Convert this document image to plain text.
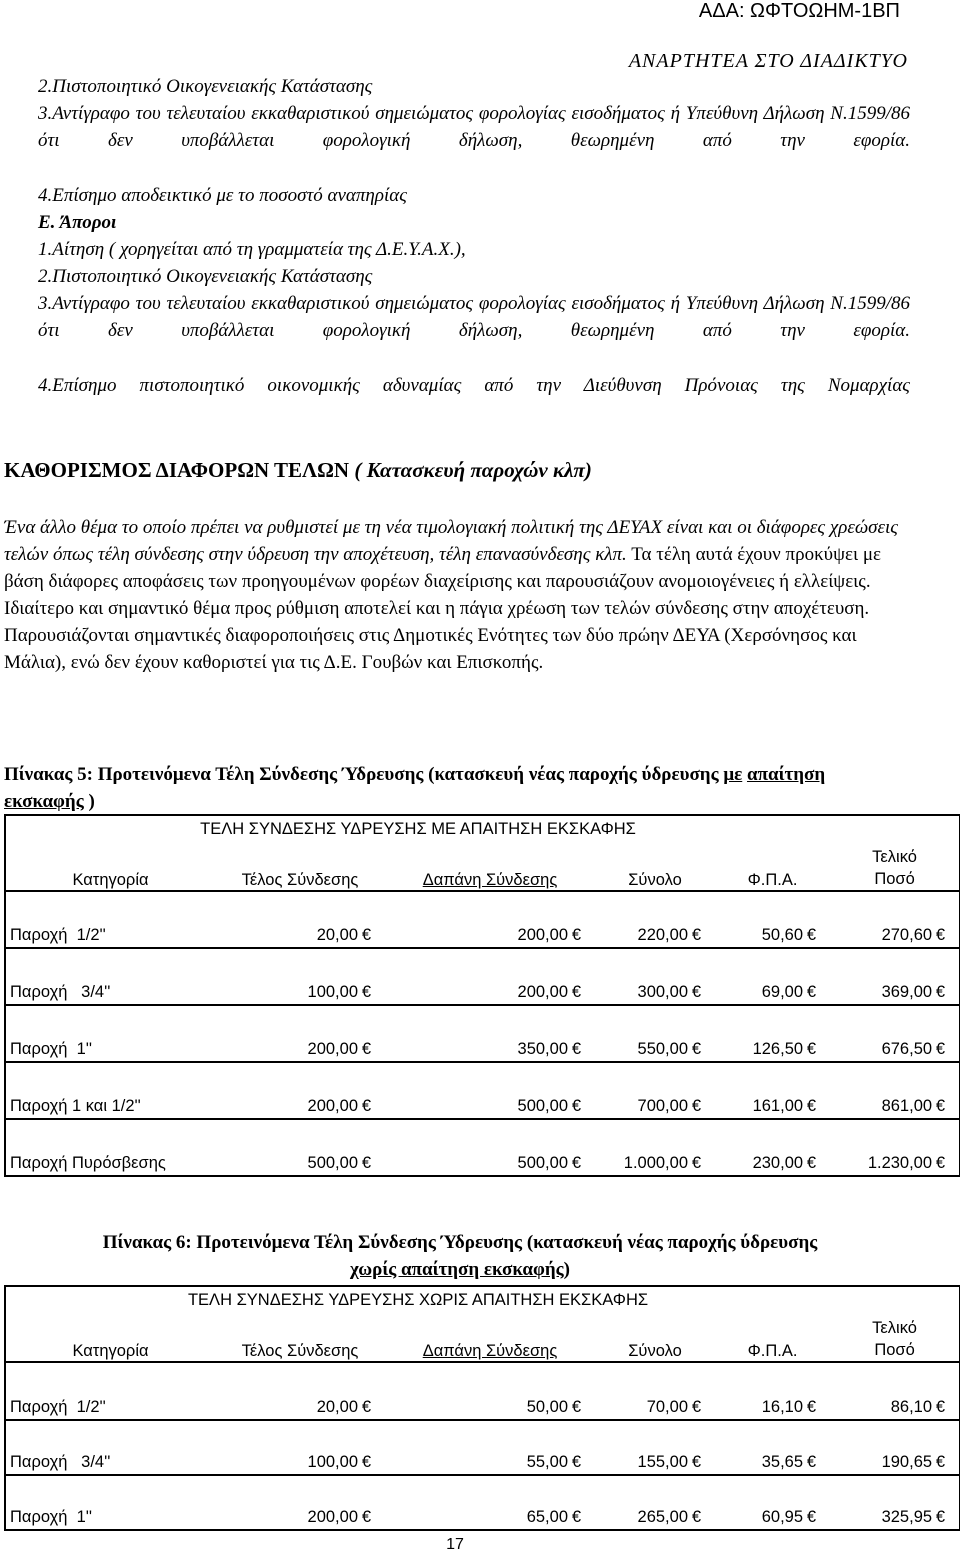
ΑΔΑ: ΩΦΤΟΩΗΜ-1ΒΠ
ΑΝΑΡΤΗΤΕΑ ΣΤΟ ΔΙΑΔΙΚΤΥΟ
2.Πιστοποιητικό Οικογενειακής Κατάστασης
3.Αντίγραφο του τελευταίου εκκαθαριστικού σημειώματος φορολογίας εισοδήματος ή Υπεύθυνη Δήλωση Ν.1599/86 ότι δεν υποβάλλεται φορολογική δήλωση, θεωρημένη από την εφορία.
4.Επίσημο αποδεικτικό με το ποσοστό αναπηρίας
Ε. Άποροι
1.Αίτηση ( χορηγείται από τη γραμματεία της Δ.Ε.Υ.Α.Χ.),
2.Πιστοποιητικό Οικογενειακής Κατάστασης
3.Αντίγραφο του τελευταίου εκκαθαριστικού σημειώματος φορολογίας εισοδήματος ή Υπεύθυνη Δήλωση Ν.1599/86 ότι δεν υποβάλλεται φορολογική δήλωση, θεωρημένη από την εφορία.
4.Επίσημο πιστοποιητικό οικονομικής αδυναμίας από την Διεύθυνση Πρόνοιας της Νομαρχίας
ΚΑΘΟΡΙΣΜΟΣ ΔΙΑΦΟΡΩΝ ΤΕΛΩΝ ( Κατασκευή παροχών κλπ)
Ένα άλλο θέμα το οποίο πρέπει να ρυθμιστεί με τη νέα τιμολογιακή πολιτική της ΔΕΥΑΧ είναι και οι διάφορες χρεώσεις τελών όπως τέλη σύνδεσης στην ύδρευση την αποχέτευση, τέλη επανασύνδεσης κλπ. Τα τέλη αυτά έχουν προκύψει με βάση διάφορες αποφάσεις των προηγουμένων φορέων διαχείρισης και παρουσιάζουν ανομοιογένειες ή ελλείψεις. Ιδιαίτερο και σημαντικό θέμα προς ρύθμιση αποτελεί και η πάγια χρέωση των τελών σύνδεσης στην αποχέτευση. Παρουσιάζονται σημαντικές διαφοροποιήσεις στις Δημοτικές Ενότητες των δύο πρώην ΔΕΥΑ (Χερσόνησος και Μάλια), ενώ δεν έχουν καθοριστεί για τις Δ.Ε. Γουβών και Επισκοπής.
Πίνακας 5: Προτεινόμενα Τέλη Σύνδεσης Ύδρευσης (κατασκευή νέας παροχής ύδρευσης με απαίτηση εκσκαφής )
ΤΕΛΗ ΣΥΝΔΕΣΗΣ ΥΔΡΕΥΣΗΣ ΜΕ ΑΠΑΙΤΗΣΗ ΕΚΣΚΑΦΗΣ					
Κατηγορία	Τέλος Σύνδεσης	Δαπάνη Σύνδεσης	Σύνολο	Φ.Π.Α.	Τελικό Ποσό
Παροχή  1/2''	20,00 €	200,00 €	220,00 €	50,60 €	270,60 €
Παροχή   3/4''	100,00 €	200,00 €	300,00 €	69,00 €	369,00 €
Παροχή  1''	200,00 €	350,00 €	550,00 €	126,50 €	676,50 €
Παροχή 1 και 1/2''	200,00 €	500,00 €	700,00 €	161,00 €	861,00 €
Παροχή Πυρόσβεσης	500,00 €	500,00 €	1.000,00 €	230,00 €	1.230,00 €
Πίνακας 6: Προτεινόμενα Τέλη Σύνδεσης Ύδρευσης (κατασκευή νέας παροχής ύδρευσης
χωρίς απαίτηση εκσκαφής)
ΤΕΛΗ ΣΥΝΔΕΣΗΣ ΥΔΡΕΥΣΗΣ ΧΩΡΙΣ ΑΠΑΙΤΗΣΗ ΕΚΣΚΑΦΗΣ					
Κατηγορία	Τέλος Σύνδεσης	Δαπάνη Σύνδεσης	Σύνολο	Φ.Π.Α.	Τελικό Ποσό
Παροχή  1/2''	20,00 €	50,00 €	70,00 €	16,10 €	86,10 €
Παροχή   3/4''	100,00 €	55,00 €	155,00 €	35,65 €	190,65 €
Παροχή  1''	200,00 €	65,00 €	265,00 €	60,95 €	325,95 €
17
